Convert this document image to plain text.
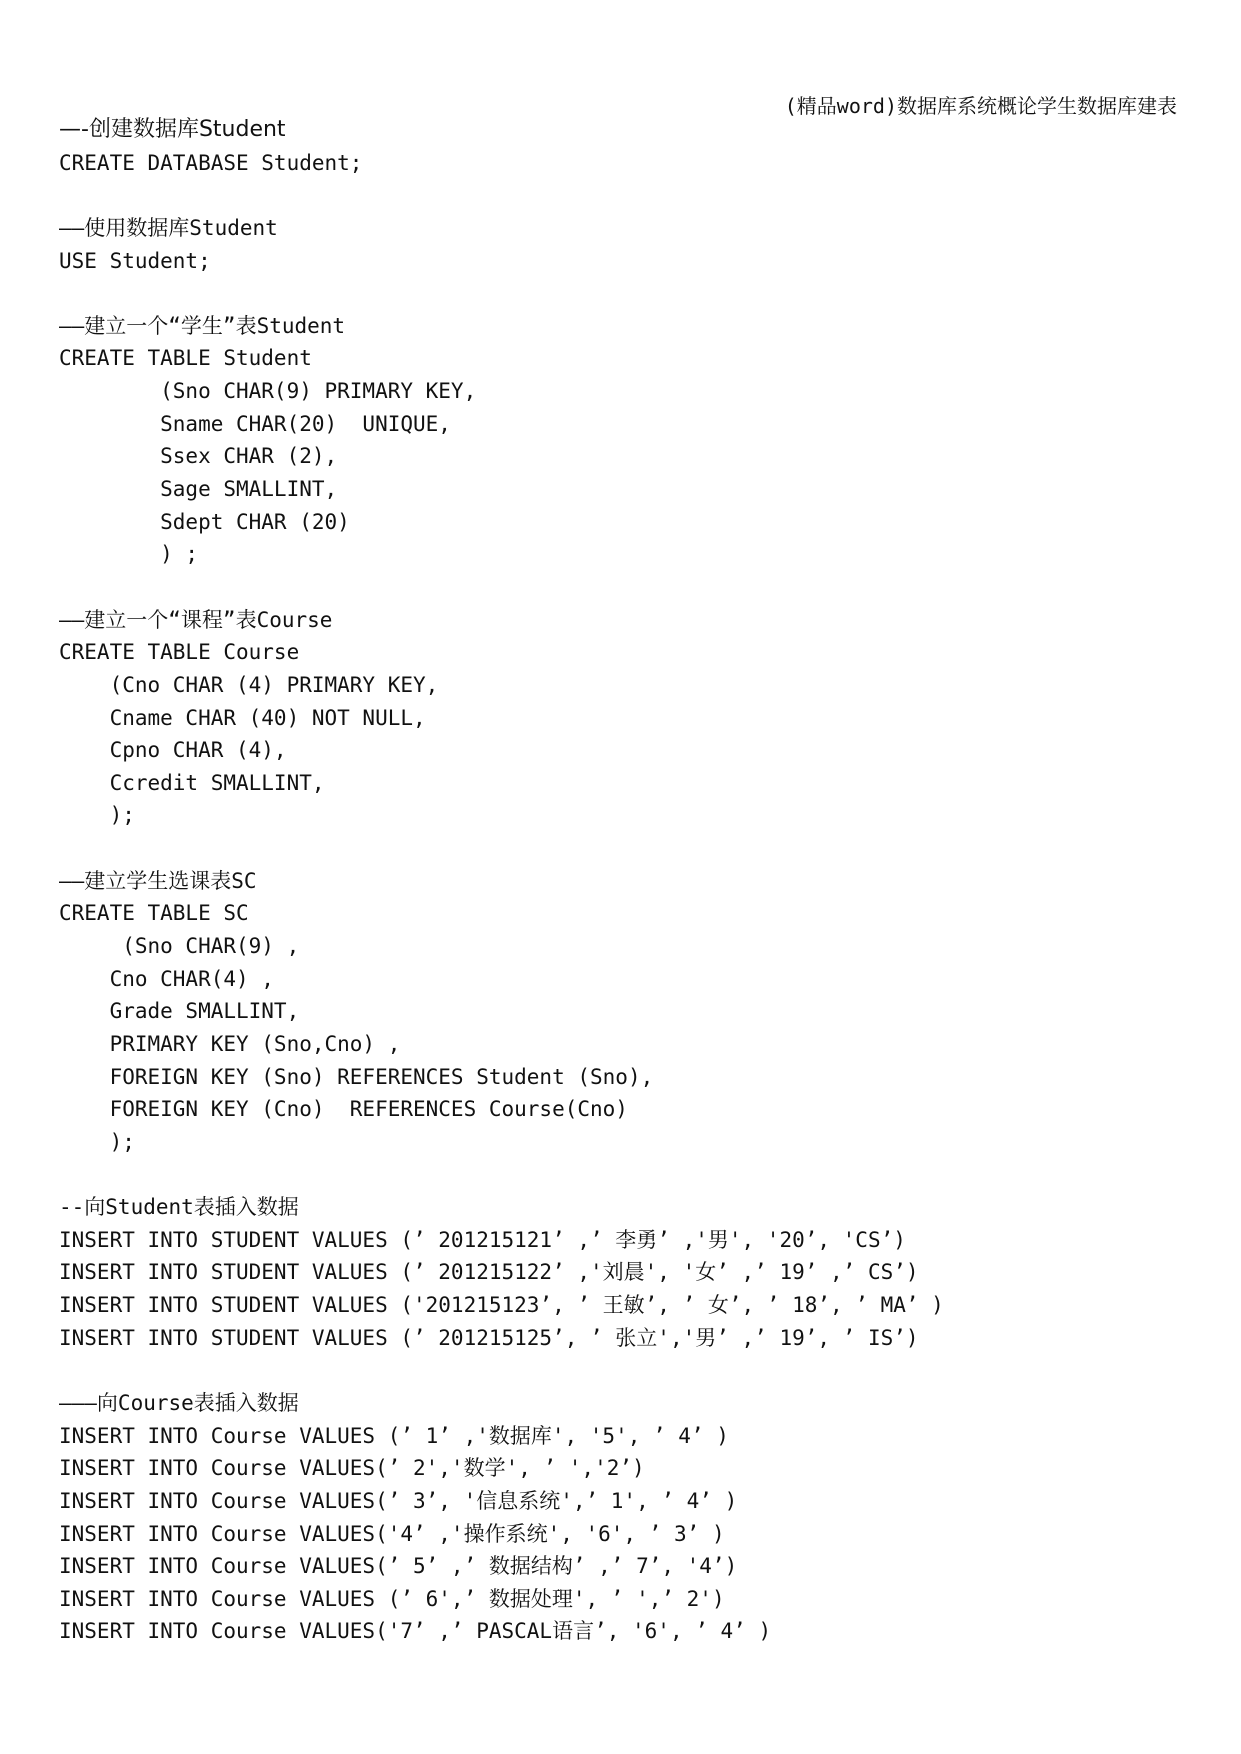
(精品word)数据库系统概论学生数据库建表
—-创建数据库Student
CREATE DATABASE Student;
——使用数据库Student
USE Student;
——建立一个“学生”表Student
CREATE TABLE Student
(Sno CHAR(9) PRIMARY KEY,
Sname CHAR(20)  UNIQUE,
Ssex CHAR (2),
Sage SMALLINT,
Sdept CHAR (20)
) ;
——建立一个“课程”表Course
CREATE TABLE Course
(Cno CHAR (4) PRIMARY KEY,
Cname CHAR (40) NOT NULL,
Cpno CHAR (4),
Ccredit SMALLINT,
);
——建立学生选课表SC
CREATE TABLE SC
(Sno CHAR(9) ,
Cno CHAR(4) ,
Grade SMALLINT,
PRIMARY KEY (Sno,Cno) ,
FOREIGN KEY (Sno) REFERENCES Student (Sno),
FOREIGN KEY (Cno)  REFERENCES Course(Cno)
);
--向Student表插入数据
INSERT INTO STUDENT VALUES (’ 201215121’ ,’ 李勇’ ,'男', '20’, 'CS’)
INSERT INTO STUDENT VALUES (’ 201215122’ ,'刘晨', '女’ ,’ 19’ ,’ CS’)
INSERT INTO STUDENT VALUES ('201215123’, ’ 王敏’, ’ 女’, ’ 18’, ’ MA’ )
INSERT INTO STUDENT VALUES (’ 201215125’, ’ 张立','男’ ,’ 19’, ’ IS’)
———向Course表插入数据
INSERT INTO Course VALUES (’ 1’ ,'数据库', '5', ’ 4’ )
INSERT INTO Course VALUES(’ 2','数学', ’ ','2’)
INSERT INTO Course VALUES(’ 3’, '信息系统',’ 1', ’ 4’ )
INSERT INTO Course VALUES('4’ ,'操作系统', '6', ’ 3’ )
INSERT INTO Course VALUES(’ 5’ ,’ 数据结构’ ,’ 7’, '4’)
INSERT INTO Course VALUES (’ 6',’ 数据处理', ’ ',’ 2')
INSERT INTO Course VALUES('7’ ,’ PASCAL语言’, '6', ’ 4’ )
